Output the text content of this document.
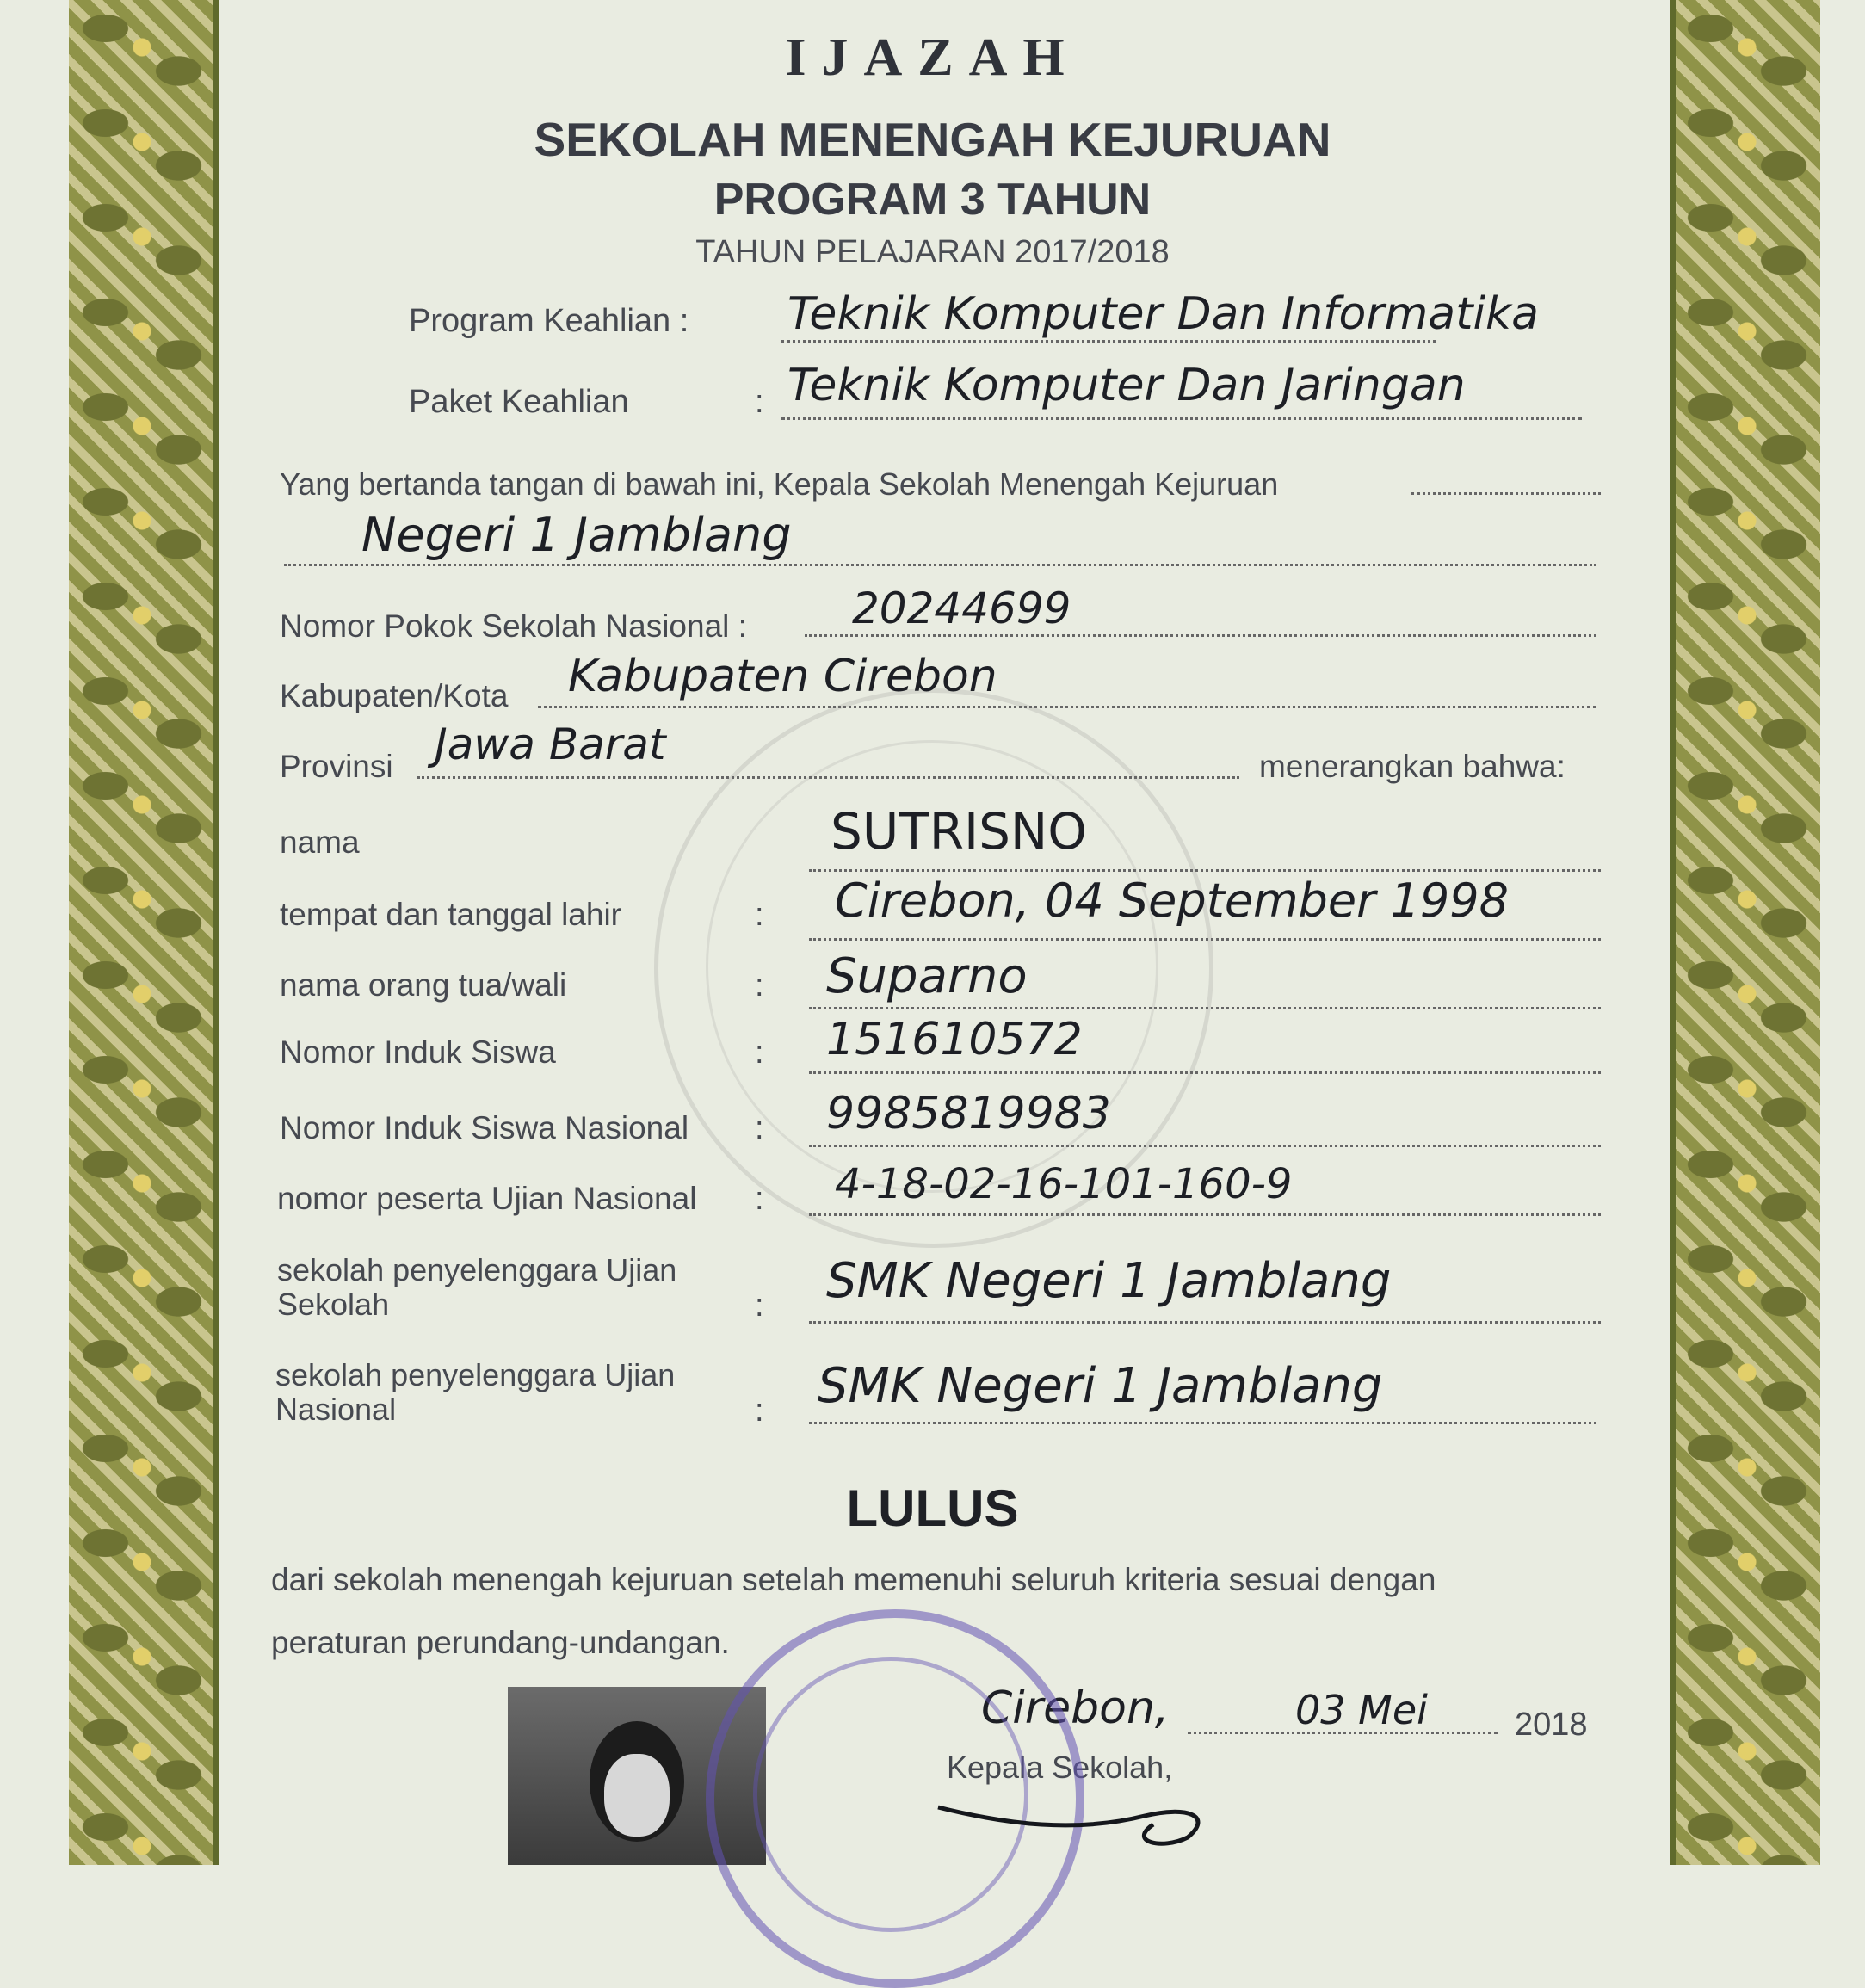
IJAZAH
SEKOLAH MENENGAH KEJURUAN
PROGRAM 3 TAHUN
TAHUN PELAJARAN 2017/2018
Program Keahlian : Teknik Komputer Dan Informatika
Paket Keahlian	: Teknik Komputer Dan Jaringan
Yang bertanda tangan di bawah ini, Kepala Sekolah Menengah Kejuruan
Negeri 1 Jamblang
Nomor Pokok Sekolah Nasional : 20244699
Kabupaten/Kota Kabupaten Cirebon
Provinsi Jawa Barat	menerangkan bahwa:
nama	SUTRISNO
tempat dan tanggal lahir	: Cirebon, 04 September 1998
nama orang tua/wali	: Suparno
Nomor Induk Siswa	: 151610572
Nomor Induk Siswa Nasional : 9985819983
nomor peserta Ujian Nasional : 4-18-02-16-101-160-9
sekolah penyelenggara Ujian
Sekolah	: SMK Negeri 1 Jamblang
sekolah penyelenggara Ujian
Nasional	: SMK Negeri 1 Jamblang
LULUS
dari sekolah menengah kejuruan setelah memenuhi seluruh kriteria sesuai dengan
peraturan perundang-undangan.
Cirebon,	03 Mei	2018
Kepala Sekolah,
